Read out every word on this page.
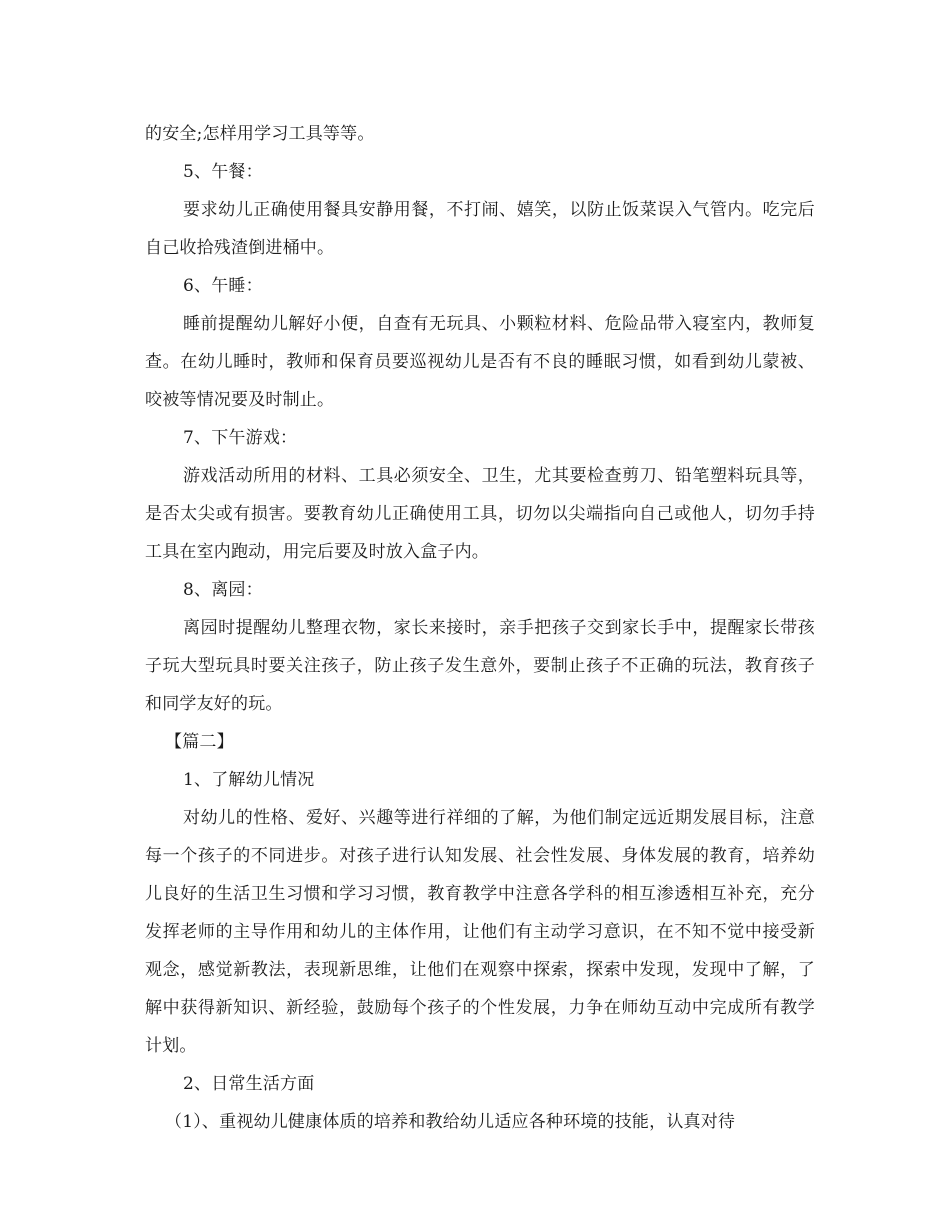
的安全;怎样用学习工具等等。

5、午餐：

要求幼儿正确使用餐具安静用餐，不打闹、嬉笑，以防止饭菜误入气管内。吃完后自己收拾残渣倒进桶中。

6、午睡：

睡前提醒幼儿解好小便，自查有无玩具、小颗粒材料、危险品带入寝室内，教师复查。在幼儿睡时，教师和保育员要巡视幼儿是否有不良的睡眠习惯，如看到幼儿蒙被、咬被等情况要及时制止。

7、下午游戏：

游戏活动所用的材料、工具必须安全、卫生，尤其要检查剪刀、铅笔塑料玩具等，是否太尖或有损害。要教育幼儿正确使用工具，切勿以尖端指向自己或他人，切勿手持工具在室内跑动，用完后要及时放入盒子内。

8、离园：

离园时提醒幼儿整理衣物，家长来接时，亲手把孩子交到家长手中，提醒家长带孩子玩大型玩具时要关注孩子，防止孩子发生意外，要制止孩子不正确的玩法，教育孩子和同学友好的玩。

【篇二】

1、了解幼儿情况

对幼儿的性格、爱好、兴趣等进行祥细的了解，为他们制定远近期发展目标，注意每一个孩子的不同进步。对孩子进行认知发展、社会性发展、身体发展的教育，培养幼儿良好的生活卫生习惯和学习习惯，教育教学中注意各学科的相互渗透相互补充，充分发挥老师的主导作用和幼儿的主体作用，让他们有主动学习意识，在不知不觉中接受新观念，感觉新教法，表现新思维，让他们在观察中探索，探索中发现，发现中了解，了解中获得新知识、新经验，鼓励每个孩子的个性发展，力争在师幼互动中完成所有教学计划。

2、日常生活方面

（1）、重视幼儿健康体质的培养和教给幼儿适应各种环境的技能，认真对待
